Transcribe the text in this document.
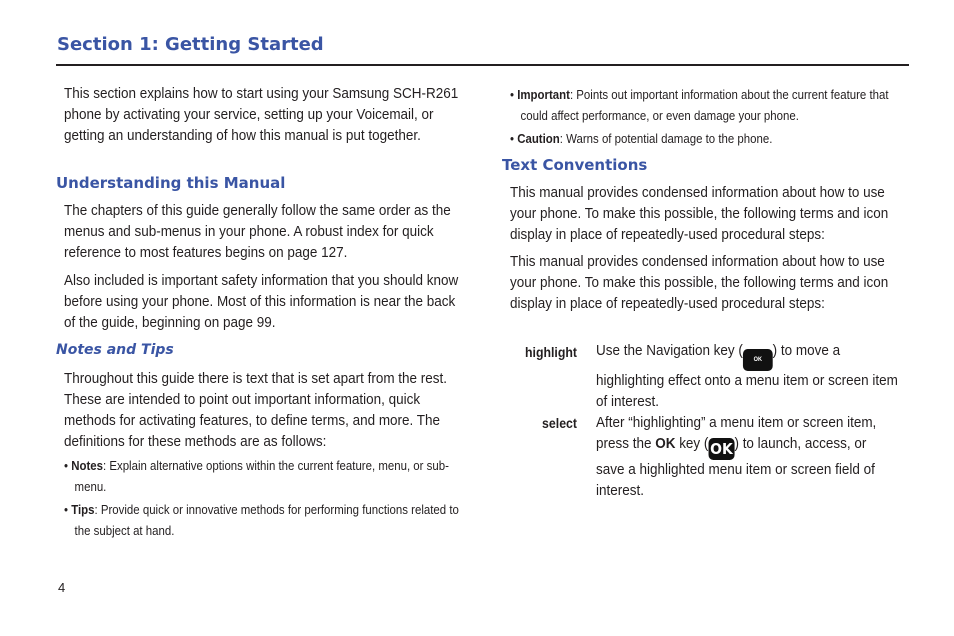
Section 1: Getting Started

This section explains how to start using your Samsung SCH-R261 phone by activating your service, setting up your Voicemail, or getting an understanding of how this manual is put together.

Understanding this Manual

The chapters of this guide generally follow the same order as the menus and sub-menus in your phone. A robust index for quick reference to most features begins on page 127.

Also included is important safety information that you should know before using your phone. Most of this information is near the back of the guide, beginning on page 99.

Notes and Tips

Throughout this guide there is text that is set apart from the rest. These are intended to point out important information, quick methods for activating features, to define terms, and more. The definitions for these methods are as follows:

• Notes: Explain alternative options within the current feature, menu, or sub-menu.

• Tips: Provide quick or innovative methods for performing functions related to the subject at hand.

• Important: Points out important information about the current feature that could affect performance, or even damage your phone.

• Caution: Warns of potential damage to the phone.

Text Conventions

This manual provides condensed information about how to use your phone. To make this possible, the following terms and icon display in place of repeatedly-used procedural steps:

This manual provides condensed information about how to use your phone. To make this possible, the following terms and icon display in place of repeatedly-used procedural steps:

highlight Use the Navigation key (OK) to move a highlighting effect onto a menu item or screen item of interest.

select After “highlighting” a menu item or screen item, press the OK key ( OK ) to launch, access, or save a highlighted menu item or screen field of interest.

4
